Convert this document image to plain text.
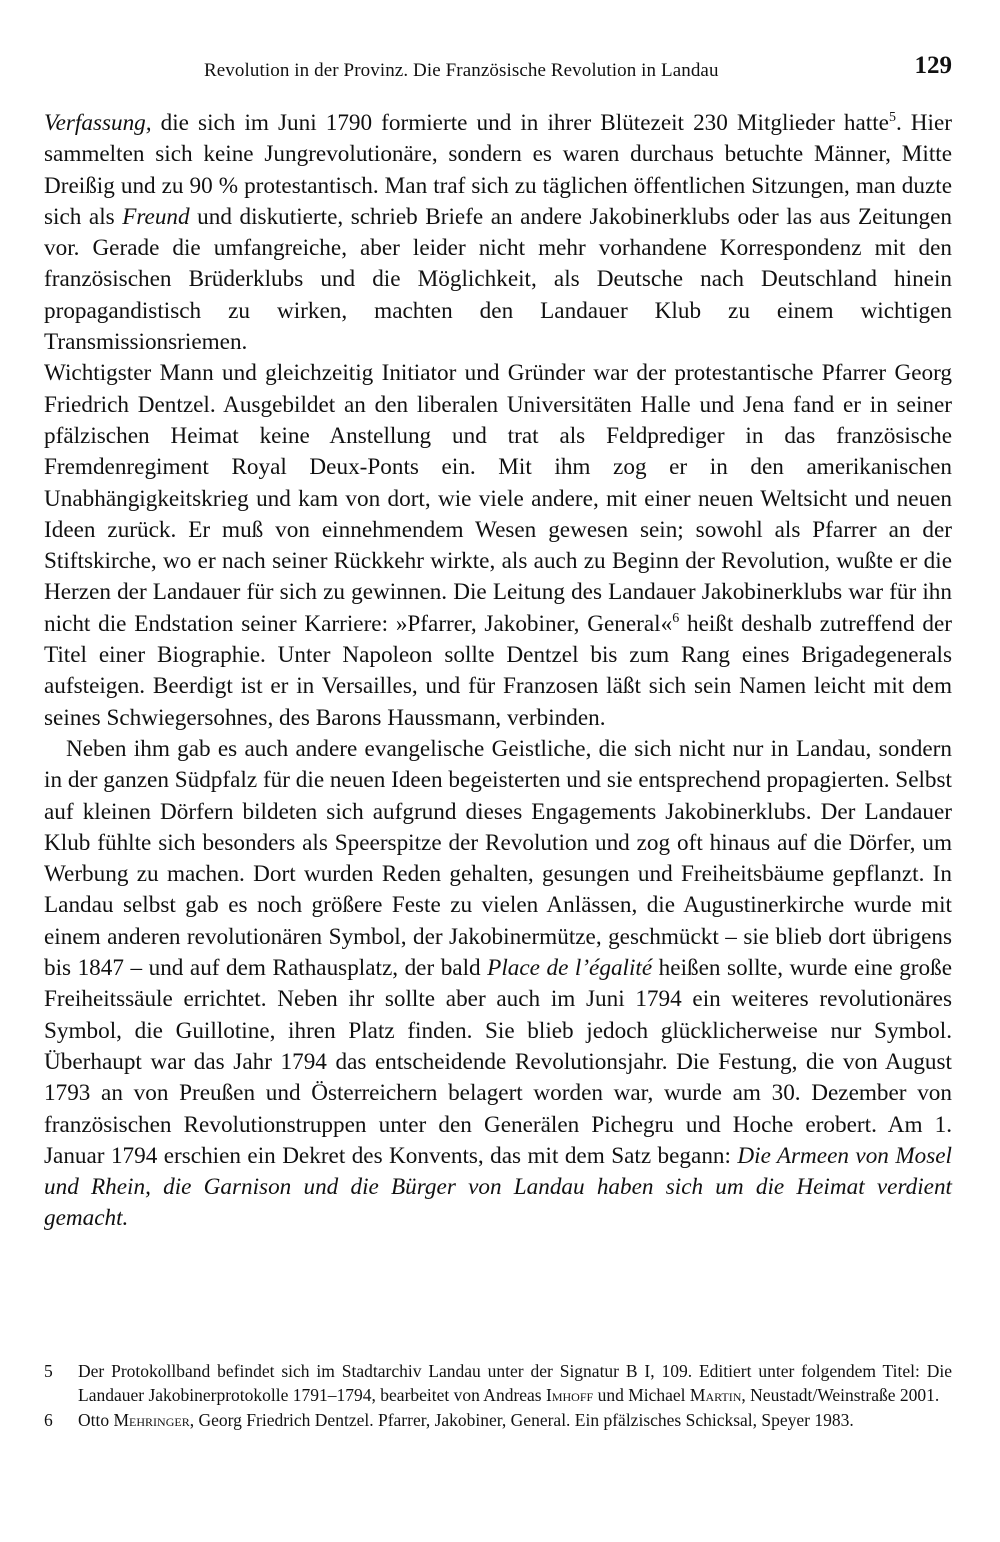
Revolution in der Provinz. Die Französische Revolution in Landau	129

Verfassung, die sich im Juni 1790 formierte und in ihrer Blütezeit 230 Mitglieder hatte$^5$. Hier sammelten sich keine Jungrevolutionäre, sondern es waren durchaus betuchte Männer, Mitte Dreißig und zu 90 % protestantisch. Man traf sich zu täglichen öffentlichen Sitzungen, man duzte sich als Freund und diskutierte, schrieb Briefe an andere Jakobinerklubs oder las aus Zeitungen vor. Gerade die umfangreiche, aber leider nicht mehr vorhandene Korrespondenz mit den französischen Brüderklubs und die Möglichkeit, als Deutsche nach Deutschland hinein propagandistisch zu wirken, machten den Landauer Klub zu einem wichtigen Transmissionsriemen.

Wichtigster Mann und gleichzeitig Initiator und Gründer war der protestantische Pfarrer Georg Friedrich Dentzel. Ausgebildet an den liberalen Universitäten Halle und Jena fand er in seiner pfälzischen Heimat keine Anstellung und trat als Feldprediger in das französische Fremdenregiment Royal Deux-Ponts ein. Mit ihm zog er in den amerikanischen Unabhängigkeitskrieg und kam von dort, wie viele andere, mit einer neuen Weltsicht und neuen Ideen zurück. Er muß von einnehmendem Wesen gewesen sein; sowohl als Pfarrer an der Stiftskirche, wo er nach seiner Rückkehr wirkte, als auch zu Beginn der Revolution, wußte er die Herzen der Landauer für sich zu gewinnen. Die Leitung des Landauer Jakobinerklubs war für ihn nicht die Endstation seiner Karriere: »Pfarrer, Jakobiner, General«$^6$ heißt deshalb zutreffend der Titel einer Biographie. Unter Napoleon sollte Dentzel bis zum Rang eines Brigadegenerals aufsteigen. Beerdigt ist er in Versailles, und für Franzosen läßt sich sein Namen leicht mit dem seines Schwiegersohnes, des Barons Haussmann, verbinden.

Neben ihm gab es auch andere evangelische Geistliche, die sich nicht nur in Landau, sondern in der ganzen Südpfalz für die neuen Ideen begeisterten und sie entsprechend propagierten. Selbst auf kleinen Dörfern bildeten sich aufgrund dieses Engagements Jakobinerklubs. Der Landauer Klub fühlte sich besonders als Speerspitze der Revolution und zog oft hinaus auf die Dörfer, um Werbung zu machen. Dort wurden Reden gehalten, gesungen und Freiheitsbäume gepflanzt. In Landau selbst gab es noch größere Feste zu vielen Anlässen, die Augustinerkirche wurde mit einem anderen revolutionären Symbol, der Jakobinermütze, geschmückt – sie blieb dort übrigens bis 1847 – und auf dem Rathausplatz, der bald Place de l’égalité heißen sollte, wurde eine große Freiheitssäule errichtet. Neben ihr sollte aber auch im Juni 1794 ein weiteres revolutionäres Symbol, die Guillotine, ihren Platz finden. Sie blieb jedoch glücklicherweise nur Symbol. Überhaupt war das Jahr 1794 das entscheidende Revolutionsjahr. Die Festung, die von August 1793 an von Preußen und Österreichern belagert worden war, wurde am 30. Dezember von französischen Revolutionstruppen unter den Generälen Pichegru und Hoche erobert. Am 1. Januar 1794 erschien ein Dekret des Konvents, das mit dem Satz begann: Die Armeen von Mosel und Rhein, die Garnison und die Bürger von Landau haben sich um die Heimat verdient gemacht.

5 Der Protokollband befindet sich im Stadtarchiv Landau unter der Signatur B I, 109. Editiert unter folgendem Titel: Die Landauer Jakobinerprotokolle 1791–1794, bearbeitet von Andreas Imhoff und Michael Martin, Neustadt/Weinstraße 2001.

6 Otto Mehringer, Georg Friedrich Dentzel. Pfarrer, Jakobiner, General. Ein pfälzisches Schicksal, Speyer 1983.
